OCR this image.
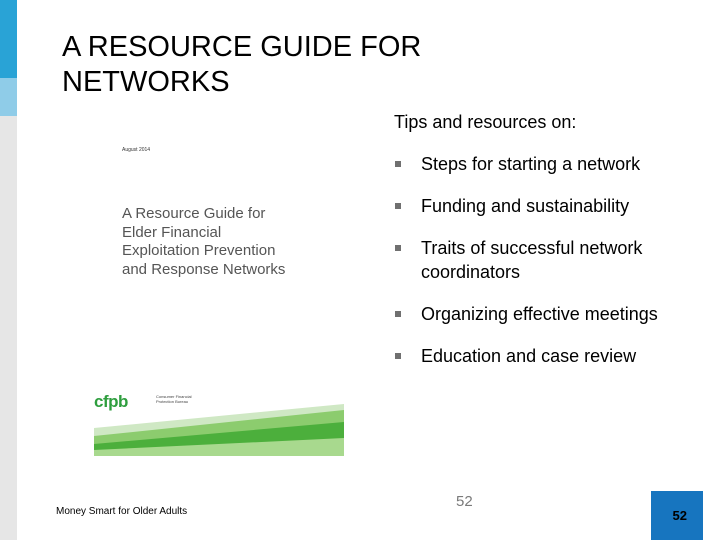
A RESOURCE GUIDE FOR
NETWORKS
Tips and resources on:
Steps for starting a network
Funding and sustainability
Traits of successful network coordinators
Organizing effective meetings
Education and case review
August 2014
A Resource Guide for
Elder Financial
Exploitation Prevention
and Response Networks
cfpb	Consumer Financial Protection Bureau
Money Smart for Older Adults
52
52
